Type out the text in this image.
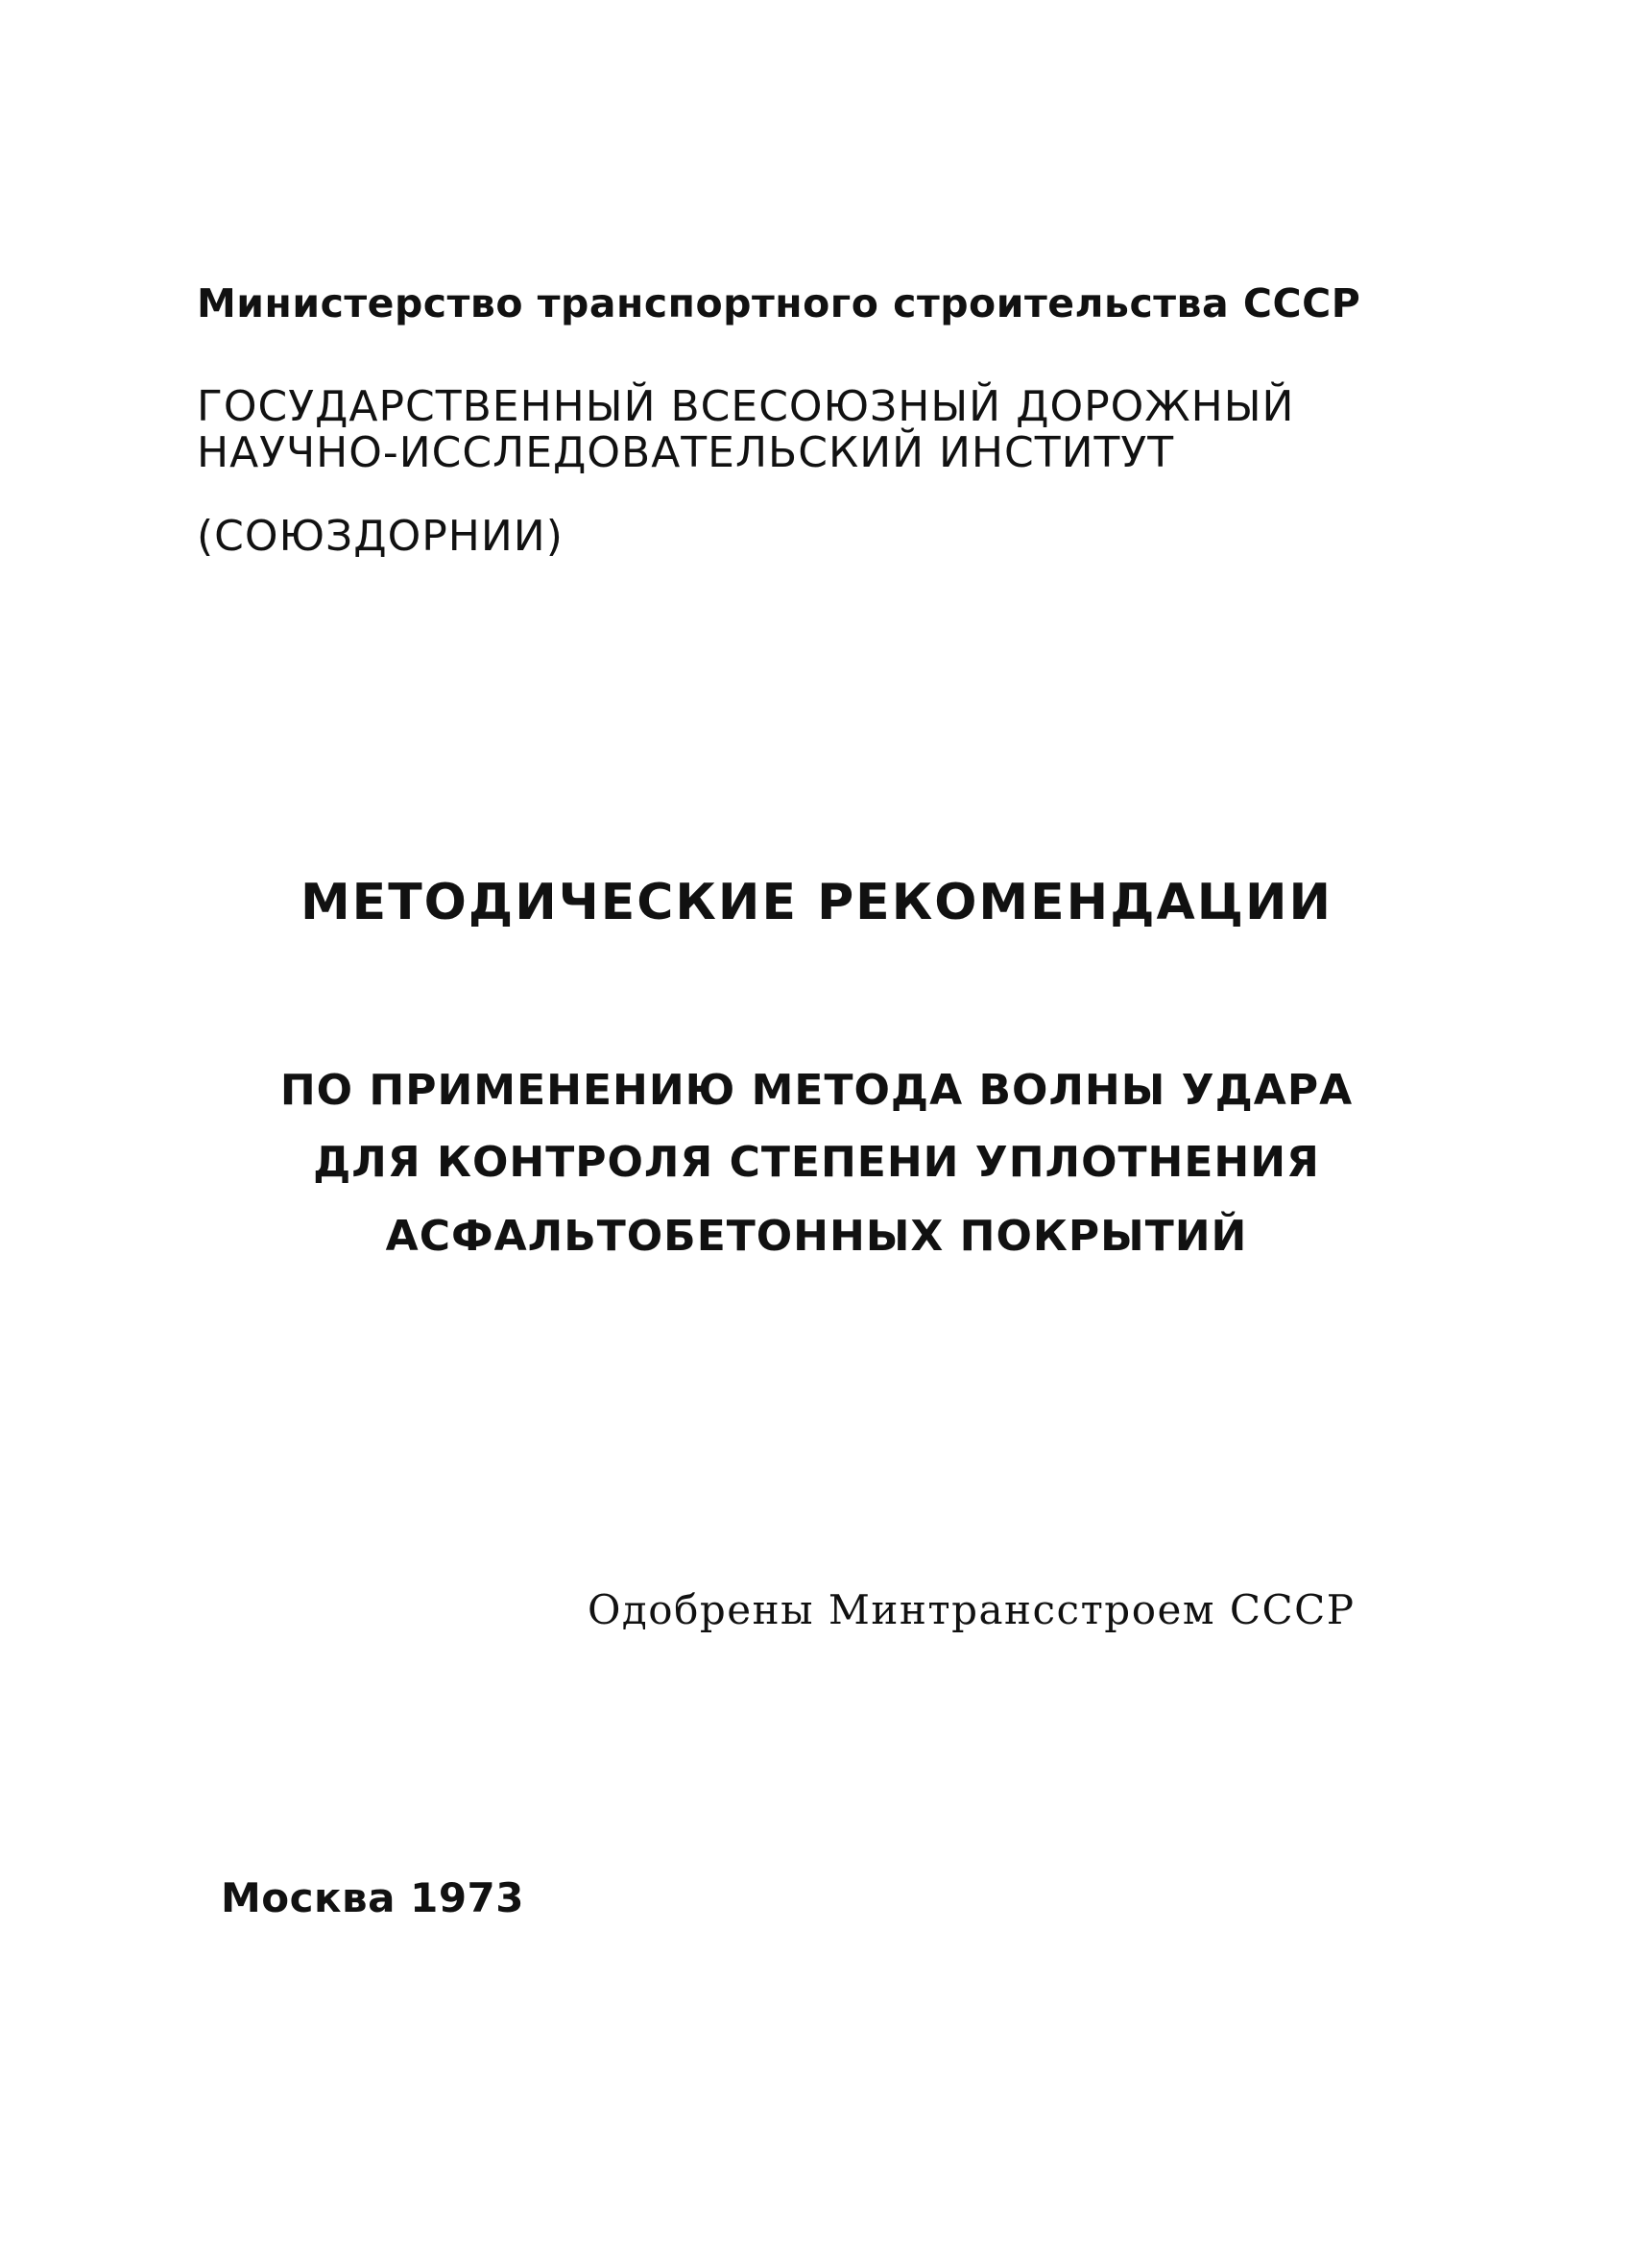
Министерство транспортного строительства СССР
ГОСУДАРСТВЕННЫЙ ВСЕСОЮЗНЫЙ ДОРОЖНЫЙ
НАУЧНО-ИССЛЕДОВАТЕЛЬСКИЙ ИНСТИТУТ
(СОЮЗДОРНИИ)
МЕТОДИЧЕСКИЕ РЕКОМЕНДАЦИИ
ПО ПРИМЕНЕНИЮ МЕТОДА ВОЛНЫ УДАРА
ДЛЯ КОНТРОЛЯ СТЕПЕНИ УПЛОТНЕНИЯ
АСФАЛЬТОБЕТОННЫХ ПОКРЫТИЙ
Одобрены Минтрансстроем СССР
Москва 1973
